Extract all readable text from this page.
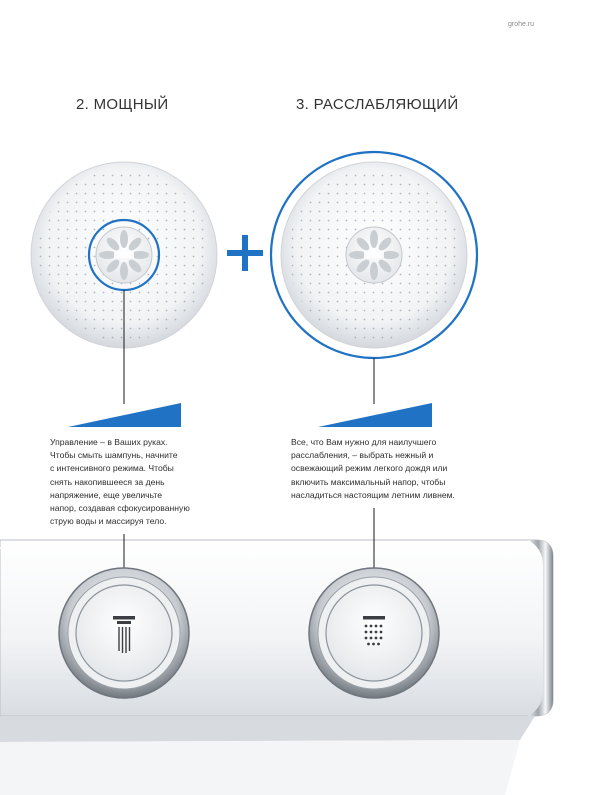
grohe.ru
2. МОЩНЫЙ	3. РАССЛАБЛЯЮЩИЙ
Управление – в Ваших руках.
Чтобы смыть шампунь, начните
с интенсивного режима. Чтобы
снять накопившееся за день
напряжение, еще увеличьте
напор, создавая сфокусированную
струю воды и массируя тело.
Все, что Вам нужно для наилучшего
расслабления, – выбрать нежный и
освежающий режим легкого дождя или
включить максимальный напор, чтобы
насладиться настоящим летним ливнем.
